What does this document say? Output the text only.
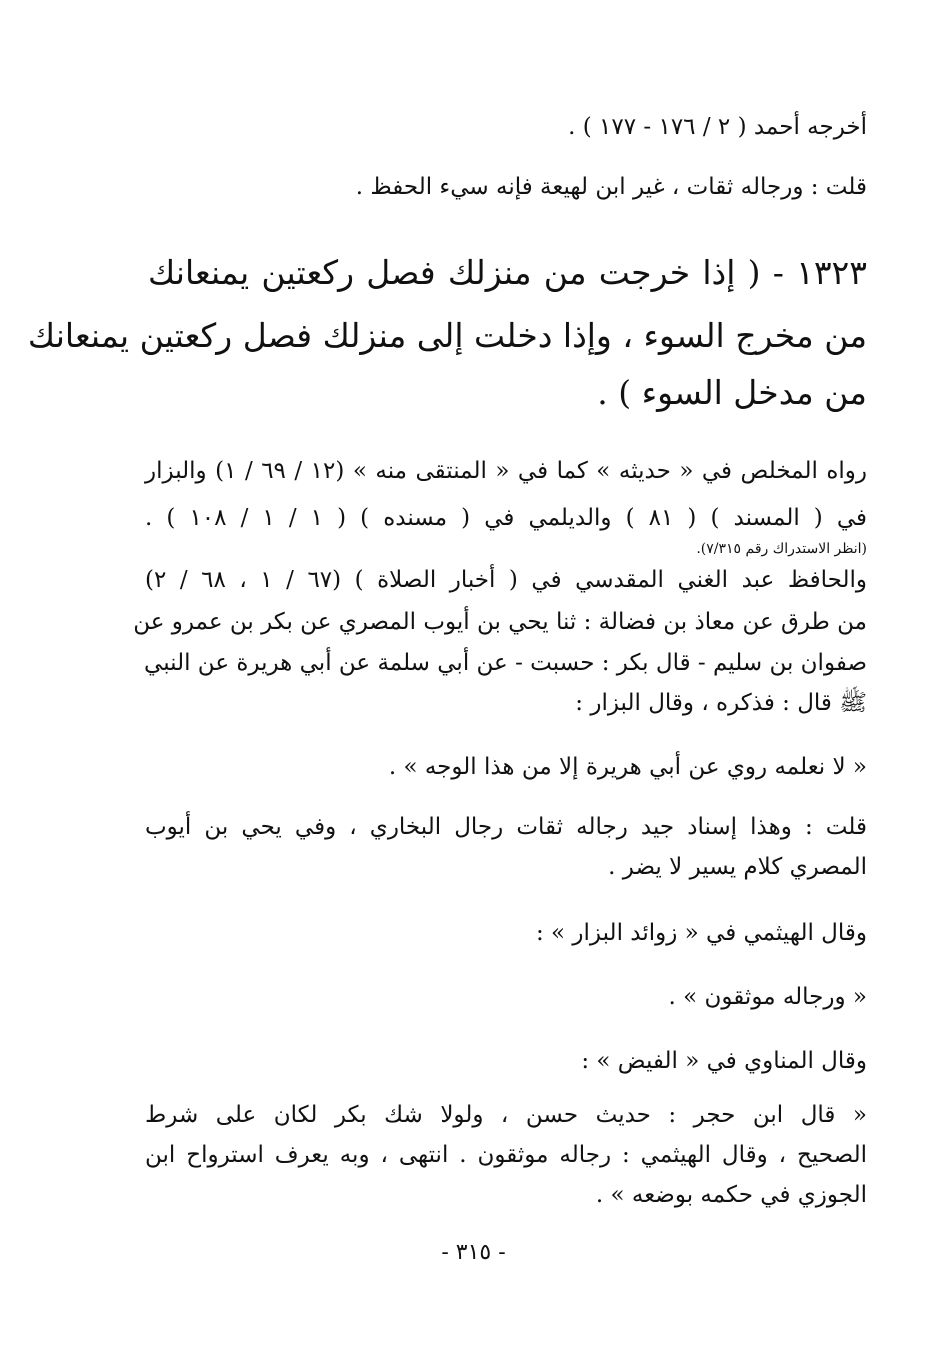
أخرجه أحمد ( ٢ / ١٧٦ - ١٧٧ ) .
قلت : ورجاله ثقات ، غير ابن لهيعة فإنه سيء الحفظ .
١٣٢٣ - ( إذا خرجت من منزلك فصل ركعتين يمنعانك
من مخرج السوء ، وإذا دخلت إلى منزلك فصل ركعتين يمنعانك
من مدخل السوء ) .
رواه المخلص في « حديثه » كما في « المنتقى منه » (١٢ / ٦٩ / ١) والبزار
في ( المسند ) ( ٨١ ) والديلمي في ( مسنده ) ( ١ / ١ / ١٠٨ ) .
(انظر الاستدراك رقم ٧/٣١٥).
والحافظ عبد الغني المقدسي في ( أخبار الصلاة ) (٦٧ / ١ ، ٦٨ / ٢)
من طرق عن معاذ بن فضالة : ثنا يحي بن أيوب المصري عن بكر بن عمرو عن
صفوان بن سليم - قال بكر : حسبت - عن أبي سلمة عن أبي هريرة عن النبي
ﷺ قال : فذكره ، وقال البزار :
« لا نعلمه روي عن أبي هريرة إلا من هذا الوجه » .
قلت : وهذا إسناد جيد رجاله ثقات رجال البخاري ، وفي يحي بن أيوب
المصري كلام يسير لا يضر .
وقال الهيثمي في « زوائد البزار » :
« ورجاله موثقون » .
وقال المناوي في « الفيض » :
« قال ابن حجر : حديث حسن ، ولولا شك بكر لكان على شرط
الصحيح ، وقال الهيثمي : رجاله موثقون . انتهى ، وبه يعرف استرواح ابن
الجوزي في حكمه بوضعه » .
- ٣١٥ -
